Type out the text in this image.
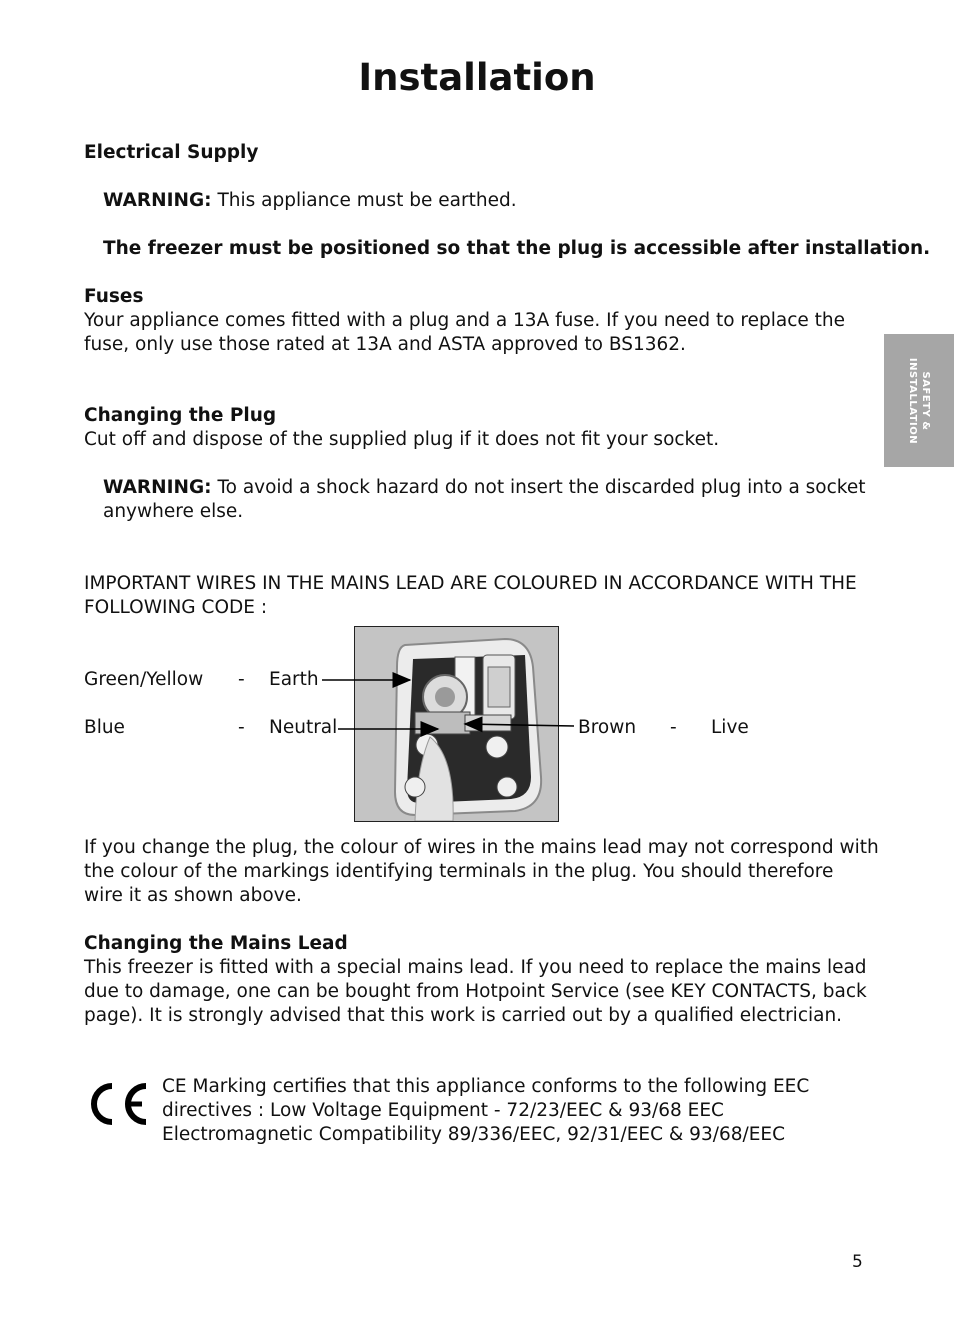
Installation
SAFETY &
INSTALLATION
Electrical Supply
WARNING: This appliance must be earthed.
The freezer must be positioned so that the plug is accessible after installation.
Fuses
Your appliance comes fitted with a plug and a 13A fuse. If you need to replace the
fuse, only use those rated at 13A and ASTA approved to BS1362.
Changing the Plug
Cut off and dispose of the supplied plug if it does not fit your socket.
WARNING: To avoid a shock hazard do not insert the discarded plug into a socket
anywhere else.
IMPORTANT WIRES IN THE MAINS LEAD ARE COLOURED IN ACCORDANCE WITH THE
FOLLOWING CODE :
Green/Yellow - Earth
Blue	- Neutral	Brown - Live
If you change the plug, the colour of wires in the mains lead may not correspond with
the colour of the markings identifying terminals in the plug. You should therefore
wire it as shown above.
Changing the Mains Lead
This freezer is fitted with a special mains lead. If you need to replace the mains lead
due to damage, one can be bought from Hotpoint Service (see KEY CONTACTS, back
page). It is strongly advised that this work is carried out by a qualified electrician.
CE Marking certifies that this appliance conforms to the following EEC
directives : Low Voltage Equipment - 72/23/EEC & 93/68 EEC
Electromagnetic Compatibility 89/336/EEC, 92/31/EEC & 93/68/EEC
5
